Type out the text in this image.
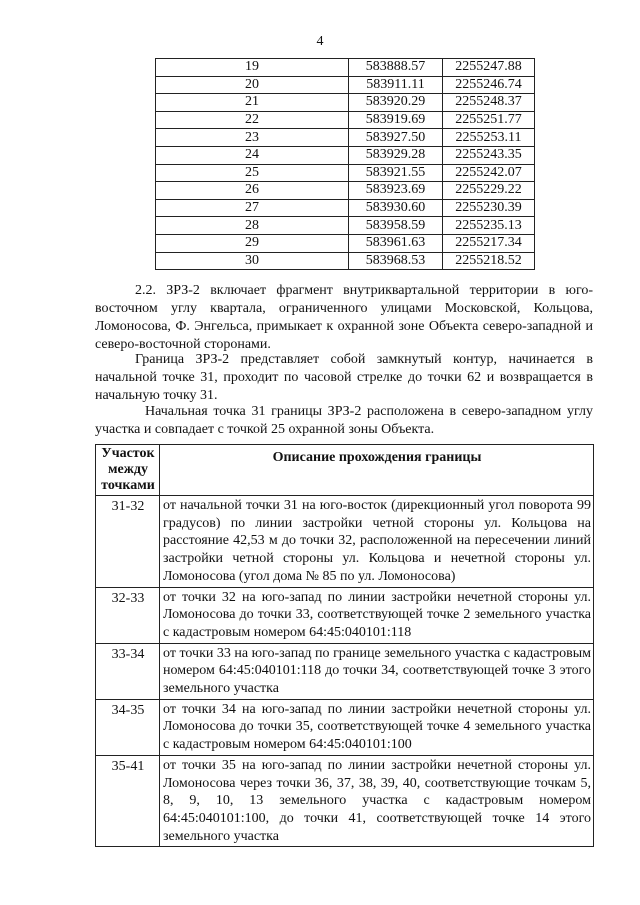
4
19	583888.57	2255247.88
20	583911.11	2255246.74
21	583920.29	2255248.37
22	583919.69	2255251.77
23	583927.50	2255253.11
24	583929.28	2255243.35
25	583921.55	2255242.07
26	583923.69	2255229.22
27	583930.60	2255230.39
28	583958.59	2255235.13
29	583961.63	2255217.34
30	583968.53	2255218.52
2.2. ЗРЗ-2 включает фрагмент внутриквартальной территории в юго-восточном углу квартала, ограниченного улицами Московской, Кольцова, Ломоносова, Ф. Энгельса, примыкает к охранной зоне Объекта северо-западной и северо-восточной сторонами.
Граница ЗРЗ-2 представляет собой замкнутый контур, начинается в начальной точке 31, проходит по часовой стрелке до точки 62 и возвращается в начальную точку 31.
Начальная точка 31 границы ЗРЗ-2 расположена в северо-западном углу участка и совпадает с точкой 25 охранной зоны Объекта.
Участок между точками	Описание прохождения границы
31-32	от начальной точки 31 на юго-восток (дирекционный угол поворота 99 градусов) по линии застройки четной стороны ул. Кольцова на расстояние 42,53 м до точки 32, расположенной на пересечении линий застройки четной стороны ул. Кольцова и нечетной стороны ул. Ломоносова (угол дома № 85 по ул. Ломоносова)
32-33	от точки 32 на юго-запад по линии застройки нечетной стороны ул. Ломоносова до точки 33, соответствующей точке 2 земельного участка с кадастровым номером 64:45:040101:118
33-34	от точки 33 на юго-запад по границе земельного участка с кадастровым номером 64:45:040101:118 до точки 34, соответствующей точке 3 этого земельного участка
34-35	от точки 34 на юго-запад по линии застройки нечетной стороны ул. Ломоносова до точки 35, соответствующей точке 4 земельного участка с кадастровым номером 64:45:040101:100
35-41	от точки 35 на юго-запад по линии застройки нечетной стороны ул. Ломоносова через точки 36, 37, 38, 39, 40, соответствующие точкам 5, 8, 9, 10, 13 земельного участка с кадастровым номером 64:45:040101:100, до точки 41, соответствующей точке 14 этого земельного участка
